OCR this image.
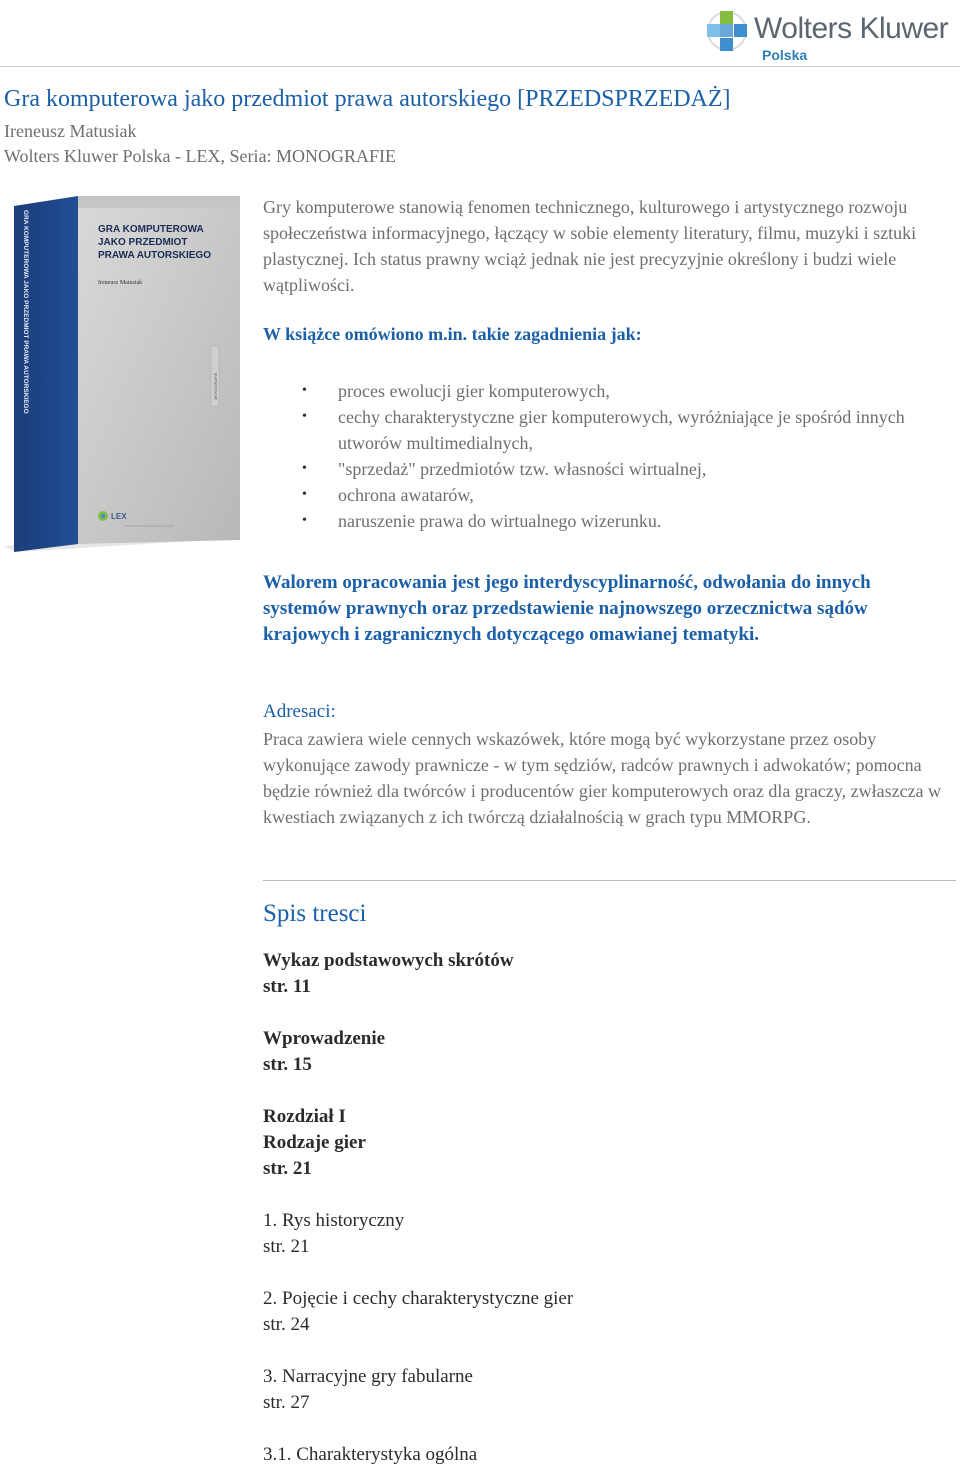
Wolters Kluwer
Polska
Gra komputerowa jako przedmiot prawa autorskiego [PRZEDSPRZEDAŻ]
Ireneusz Matusiak
Wolters Kluwer Polska - LEX, Seria: MONOGRAFIE
GRA KOMPUTEROWA
JAKO PRZEDMIOT
PRAWA AUTORSKIEGO
Ireneusz Matusiak
MONOGRAFIE
GRA KOMPUTEROWA JAKO PRZEDMIOT PRAWA AUTORSKIEGO
LEX
Gry komputerowe stanowią fenomen technicznego, kulturowego i artystycznego rozwoju społeczeństwa informacyjnego, łączący w sobie elementy literatury, filmu, muzyki i sztuki plastycznej. Ich status prawny wciąż jednak nie jest precyzyjnie określony i budzi wiele wątpliwości.
W książce omówiono m.in. takie zagadnienia jak:
• proces ewolucji gier komputerowych,
• cechy charakterystyczne gier komputerowych, wyróżniające je spośród innych utworów multimedialnych,
• "sprzedaż" przedmiotów tzw. własności wirtualnej,
• ochrona awatarów,
• naruszenie prawa do wirtualnego wizerunku.
Walorem opracowania jest jego interdyscyplinarność, odwołania do innych systemów prawnych oraz przedstawienie najnowszego orzecznictwa sądów krajowych i zagranicznych dotyczącego omawianej tematyki.
Adresaci:
Praca zawiera wiele cennych wskazówek, które mogą być wykorzystane przez osoby wykonujące zawody prawnicze - w tym sędziów, radców prawnych i adwokatów; pomocna będzie również dla twórców i producentów gier komputerowych oraz dla graczy, zwłaszcza w kwestiach związanych z ich twórczą działalnością w grach typu MMORPG.
Spis tresci
Wykaz podstawowych skrótów
str. 11
Wprowadzenie
str. 15
Rozdział I
Rodzaje gier
str. 21
1. Rys historyczny
str. 21
2. Pojęcie i cechy charakterystyczne gier
str. 24
3. Narracyjne gry fabularne
str. 27
3.1. Charakterystyka ogólna
